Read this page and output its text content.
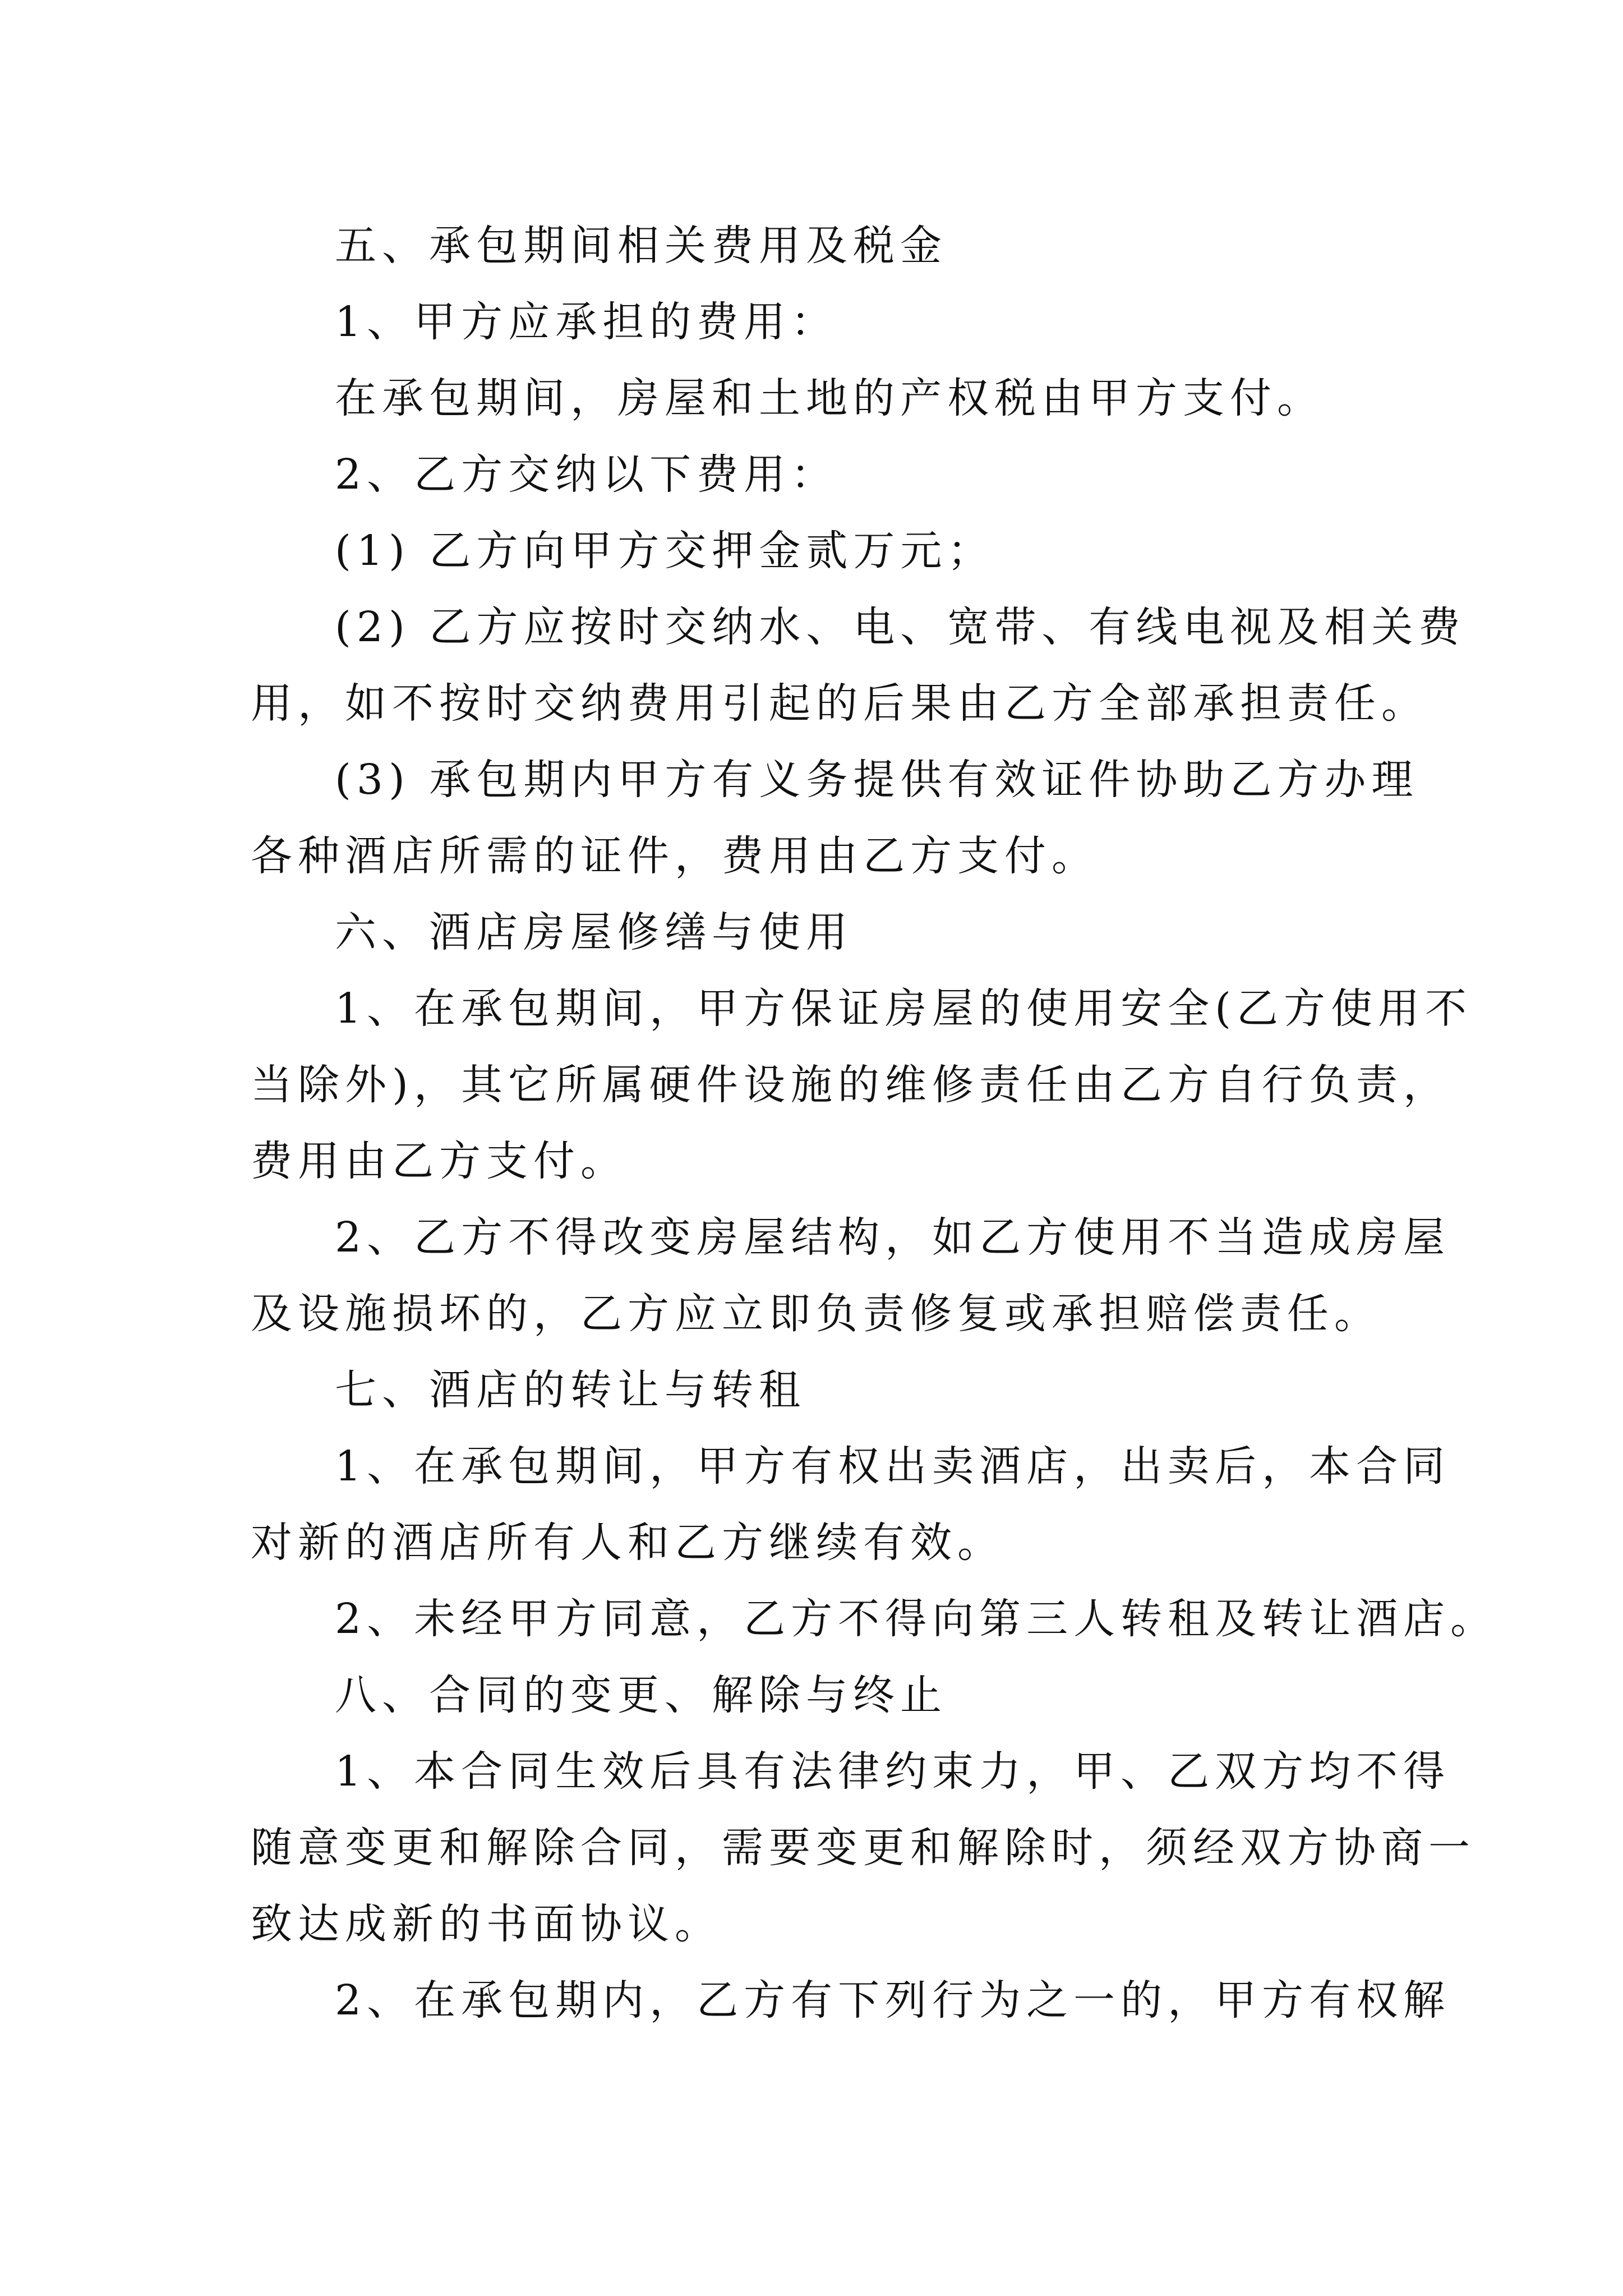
五、承包期间相关费用及税金

1、甲方应承担的费用：

在承包期间，房屋和土地的产权税由甲方支付。

2、乙方交纳以下费用：

(1) 乙方向甲方交押金贰万元；

(2) 乙方应按时交纳水、电、宽带、有线电视及相关费

用，如不按时交纳费用引起的后果由乙方全部承担责任。

(3) 承包期内甲方有义务提供有效证件协助乙方办理

各种酒店所需的证件，费用由乙方支付。

六、酒店房屋修缮与使用

1、在承包期间，甲方保证房屋的使用安全(乙方使用不

当除外)，其它所属硬件设施的维修责任由乙方自行负责，

费用由乙方支付。

2、乙方不得改变房屋结构，如乙方使用不当造成房屋

及设施损坏的，乙方应立即负责修复或承担赔偿责任。

七、酒店的转让与转租

1、在承包期间，甲方有权出卖酒店，出卖后，本合同

对新的酒店所有人和乙方继续有效。

2、未经甲方同意，乙方不得向第三人转租及转让酒店。

八、合同的变更、解除与终止

1、本合同生效后具有法律约束力，甲、乙双方均不得

随意变更和解除合同，需要变更和解除时，须经双方协商一

致达成新的书面协议。

2、在承包期内，乙方有下列行为之一的，甲方有权解
